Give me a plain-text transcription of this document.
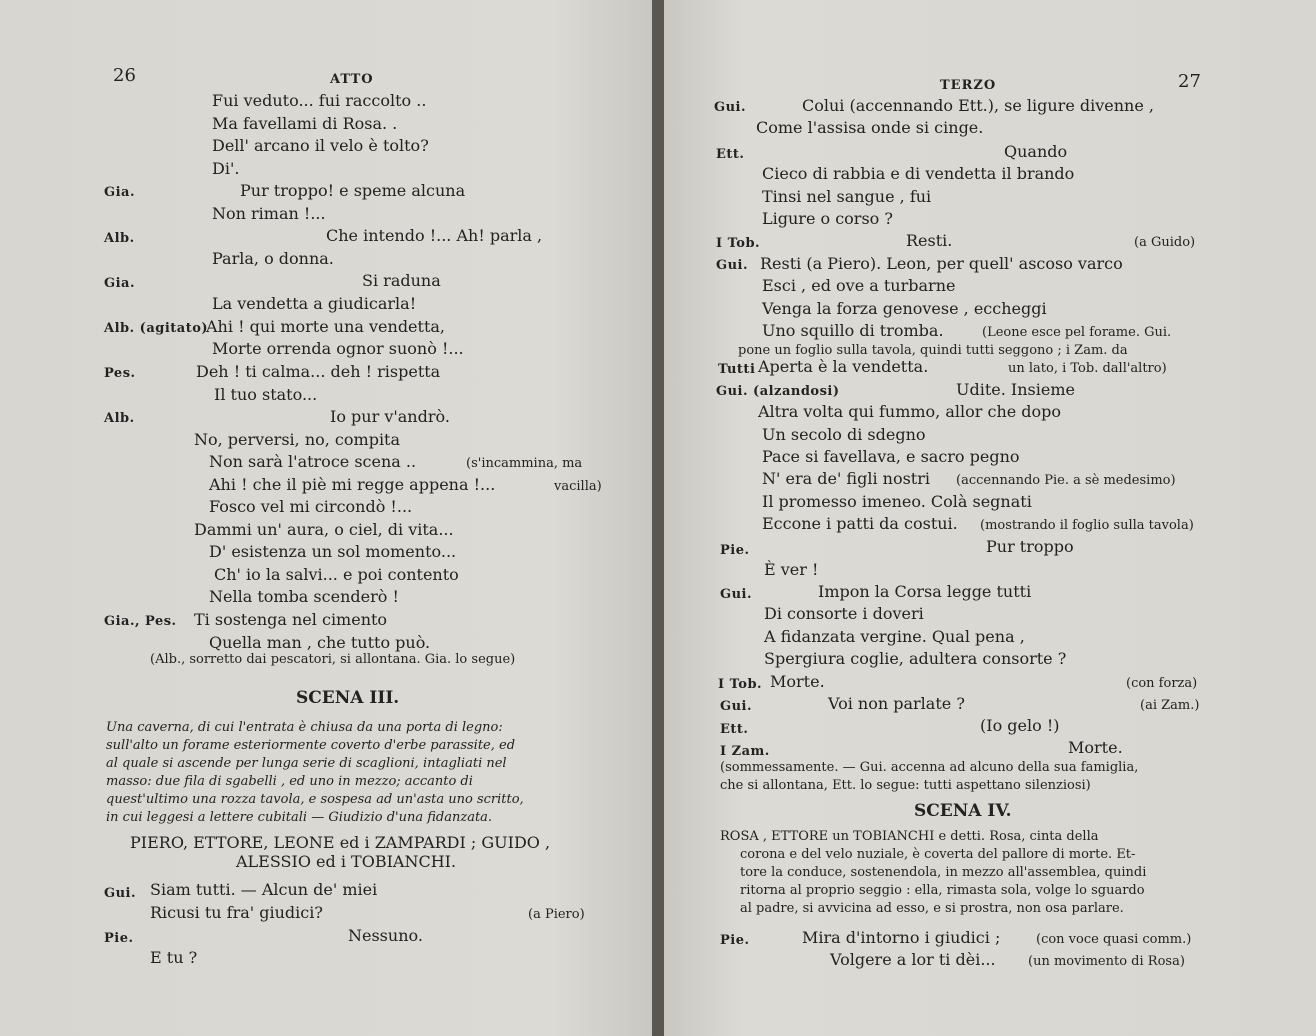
26	ATTO
Fui veduto... fui raccolto ..
Ma favellami di Rosa. .
Dell' arcano il velo è tolto?
Di'.
Gia.	Pur troppo! e speme alcuna
Non riman !...
Alb.	Che intendo !... Ah! parla ,
Parla, o donna.
Gia.	Si raduna
La vendetta a giudicarla!
Alb. (agitato)
Ahi ! qui morte una vendetta,
Morte orrenda ognor suonò !...
Pes.	Deh ! ti calma... deh ! rispetta
Il tuo stato...
Alb.	Io pur v'andrò.
No, perversi, no, compita
Non sarà l'atroce scena ..	(s'incammina, ma
Ahi ! che il piè mi regge appena !...	vacilla)
Fosco vel mi circondò !...
Dammi un' aura, o ciel, di vita...
D' esistenza un sol momento...
Ch' io la salvi... e poi contento
Nella tomba scenderò !
Gia., Pes. Ti sostenga nel cimento
Quella man , che tutto può.
(Alb., sorretto dai pescatori, si allontana. Gia. lo segue)
SCENA III.
Una caverna, di cui l'entrata è chiusa da una porta di legno:
sull'alto un forame esteriormente coverto d'erbe parassite, ed
al quale si ascende per lunga serie di scaglioni, intagliati nel
masso: due fila di sgabelli , ed uno in mezzo; accanto di
quest'ultimo una rozza tavola, e sospesa ad un'asta uno scritto,
in cui leggesi a lettere cubitali — Giudizio d'una fidanzata.
PIERO, ETTORE, LEONE ed i ZAMPARDI ; GUIDO ,
ALESSIO ed i TOBIANCHI.
Gui. Siam tutti. — Alcun de' miei
Ricusi tu fra' giudici?	(a Piero)
Pie.	Nessuno.
E tu ?
TERZO	27
Gui.	Colui (accennando Ett.), se ligure divenne ,
Come l'assisa onde si cinge.
Ett.	Quando
Cieco di rabbia e di vendetta il brando
Tinsi nel sangue , fui
Ligure o corso ?
I Tob.	Resti.	(a Guido)
Gui. Resti (a Piero). Leon, per quell' ascoso varco
Esci , ed ove a turbarne
Venga la forza genovese , eccheggi
Uno squillo di tromba.	(Leone esce pel forame. Gui.
pone un foglio sulla tavola, quindi tutti seggono ; i Zam. da
Tutti Aperta è la vendetta.	un lato, i Tob. dall'altro)
Gui. (alzandosi)	Udite. Insieme
Altra volta qui fummo, allor che dopo
Un secolo di sdegno
Pace si favellava, e sacro pegno
N' era de' figli nostri (accennando Pie. a sè medesimo)
Il promesso imeneo. Colà segnati
Eccone i patti da costui. (mostrando il foglio sulla tavola)
Pie.	Pur troppo
È ver !
Gui.	Impon la Corsa legge tutti
Di consorte i doveri
A fidanzata vergine. Qual pena ,
Spergiura coglie, adultera consorte ?
I Tob. Morte.	(con forza)
Gui.	Voi non parlate ?	(ai Zam.)
Ett.	(Io gelo !)
I Zam.	Morte.
(sommessamente. — Gui. accenna ad alcuno della sua famiglia,
che si allontana, Ett. lo segue: tutti aspettano silenziosi)
SCENA IV.
ROSA , ETTORE un TOBIANCHI e detti. Rosa, cinta della
corona e del velo nuziale, è coverta del pallore di morte. Et-
tore la conduce, sostenendola, in mezzo all'assemblea, quindi
ritorna al proprio seggio : ella, rimasta sola, volge lo sguardo
al padre, si avvicina ad esso, e si prostra, non osa parlare.
Pie.	Mira d'intorno i giudici ;	(con voce quasi comm.)
Volgere a lor ti dèi... (un movimento di Rosa)
